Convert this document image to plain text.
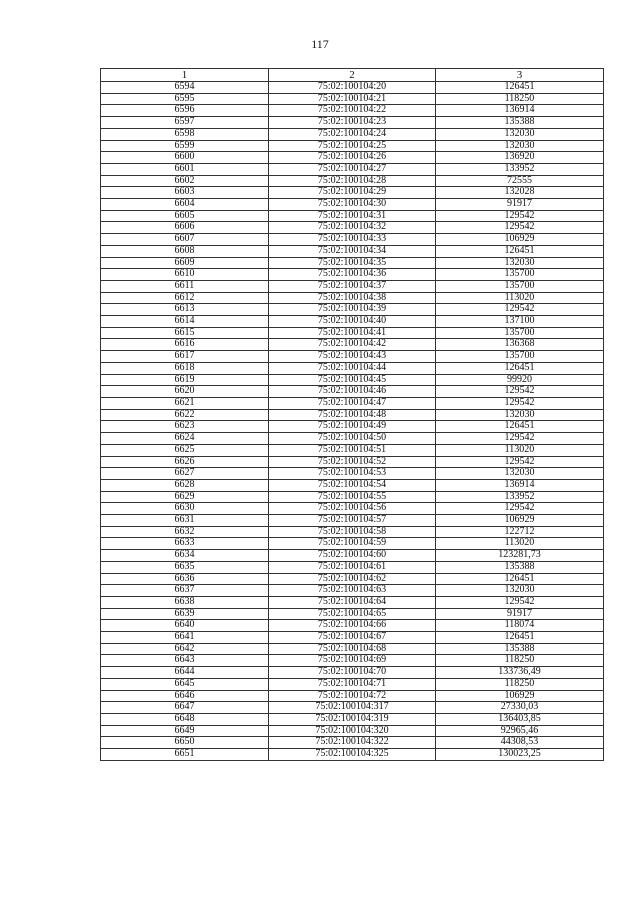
117
1	2	3
6594	75:02:100104:20	126451
6595	75:02:100104:21	118250
6596	75:02:100104:22	136914
6597	75:02:100104:23	135388
6598	75:02:100104:24	132030
6599	75:02:100104:25	132030
6600	75:02:100104:26	136920
6601	75:02:100104:27	133952
6602	75:02:100104:28	72555
6603	75:02:100104:29	132028
6604	75:02:100104:30	91917
6605	75:02:100104:31	129542
6606	75:02:100104:32	129542
6607	75:02:100104:33	106929
6608	75:02:100104:34	126451
6609	75:02:100104:35	132030
6610	75:02:100104:36	135700
6611	75:02:100104:37	135700
6612	75:02:100104:38	113020
6613	75:02:100104:39	129542
6614	75:02:100104:40	137100
6615	75:02:100104:41	135700
6616	75:02:100104:42	136368
6617	75:02:100104:43	135700
6618	75:02:100104:44	126451
6619	75:02:100104:45	99920
6620	75:02:100104:46	129542
6621	75:02:100104:47	129542
6622	75:02:100104:48	132030
6623	75:02:100104:49	126451
6624	75:02:100104:50	129542
6625	75:02:100104:51	113020
6626	75:02:100104:52	129542
6627	75:02:100104:53	132030
6628	75:02:100104:54	136914
6629	75:02:100104:55	133952
6630	75:02:100104:56	129542
6631	75:02:100104:57	106929
6632	75:02:100104:58	122712
6633	75:02:100104:59	113020
6634	75:02:100104:60	123281,73
6635	75:02:100104:61	135388
6636	75:02:100104:62	126451
6637	75:02:100104:63	132030
6638	75:02:100104:64	129542
6639	75:02:100104:65	91917
6640	75:02:100104:66	118074
6641	75:02:100104:67	126451
6642	75:02:100104:68	135388
6643	75:02:100104:69	118250
6644	75:02:100104:70	133736,49
6645	75:02:100104:71	118250
6646	75:02:100104:72	106929
6647	75:02:100104:317	27330,03
6648	75:02:100104:319	136403,85
6649	75:02:100104:320	92965,46
6650	75:02:100104:322	44308,53
6651	75:02:100104:325	130023,25
